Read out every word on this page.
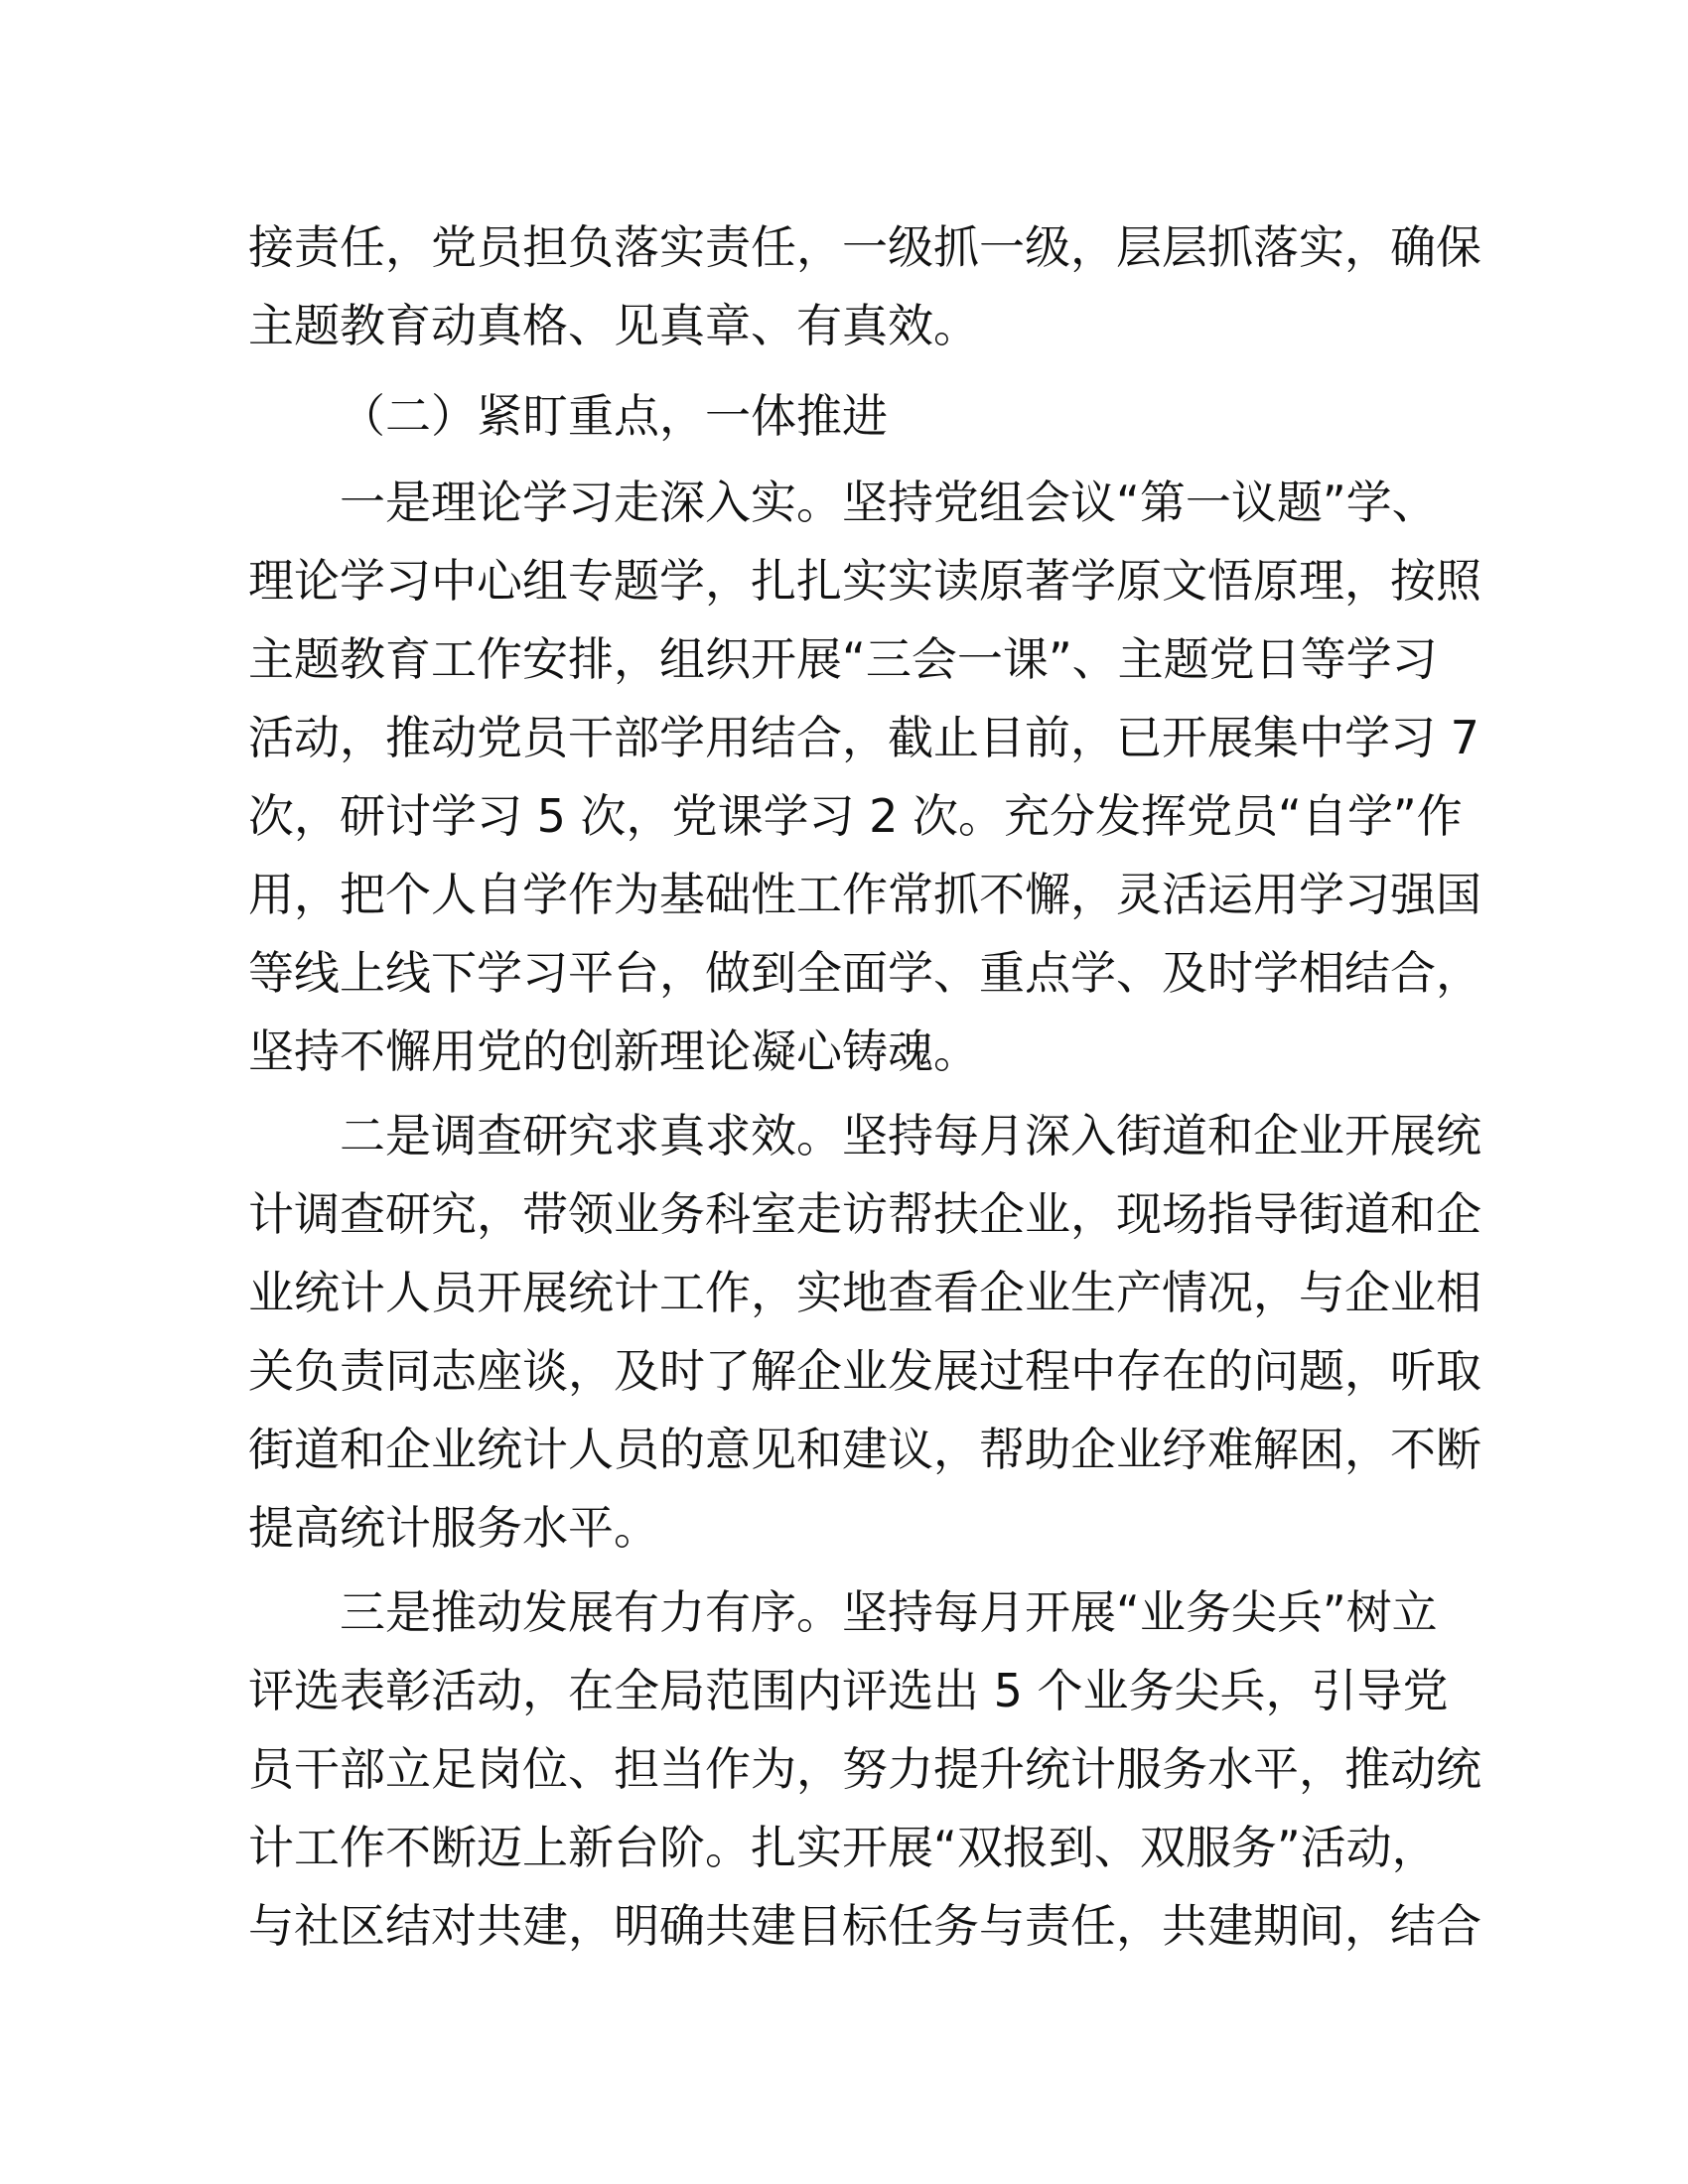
接责任，党员担负落实责任，一级抓一级，层层抓落实，确保
主题教育动真格、见真章、有真效。
（二）紧盯重点，一体推进
一是理论学习走深入实。坚持党组会议“第一议题”学、
理论学习中心组专题学，扎扎实实读原著学原文悟原理，按照
主题教育工作安排，组织开展“三会一课”、主题党日等学习
活动，推动党员干部学用结合，截止目前，已开展集中学习 7
次，研讨学习 5 次，党课学习 2 次。充分发挥党员“自学”作
用，把个人自学作为基础性工作常抓不懈，灵活运用学习强国
等线上线下学习平台，做到全面学、重点学、及时学相结合，
坚持不懈用党的创新理论凝心铸魂。
二是调查研究求真求效。坚持每月深入街道和企业开展统
计调查研究，带领业务科室走访帮扶企业，现场指导街道和企
业统计人员开展统计工作，实地查看企业生产情况，与企业相
关负责同志座谈，及时了解企业发展过程中存在的问题，听取
街道和企业统计人员的意见和建议，帮助企业纾难解困，不断
提高统计服务水平。
三是推动发展有力有序。坚持每月开展“业务尖兵”树立
评选表彰活动，在全局范围内评选出 5 个业务尖兵，引导党
员干部立足岗位、担当作为，努力提升统计服务水平，推动统
计工作不断迈上新台阶。扎实开展“双报到、双服务”活动，
与社区结对共建，明确共建目标任务与责任，共建期间，结合
